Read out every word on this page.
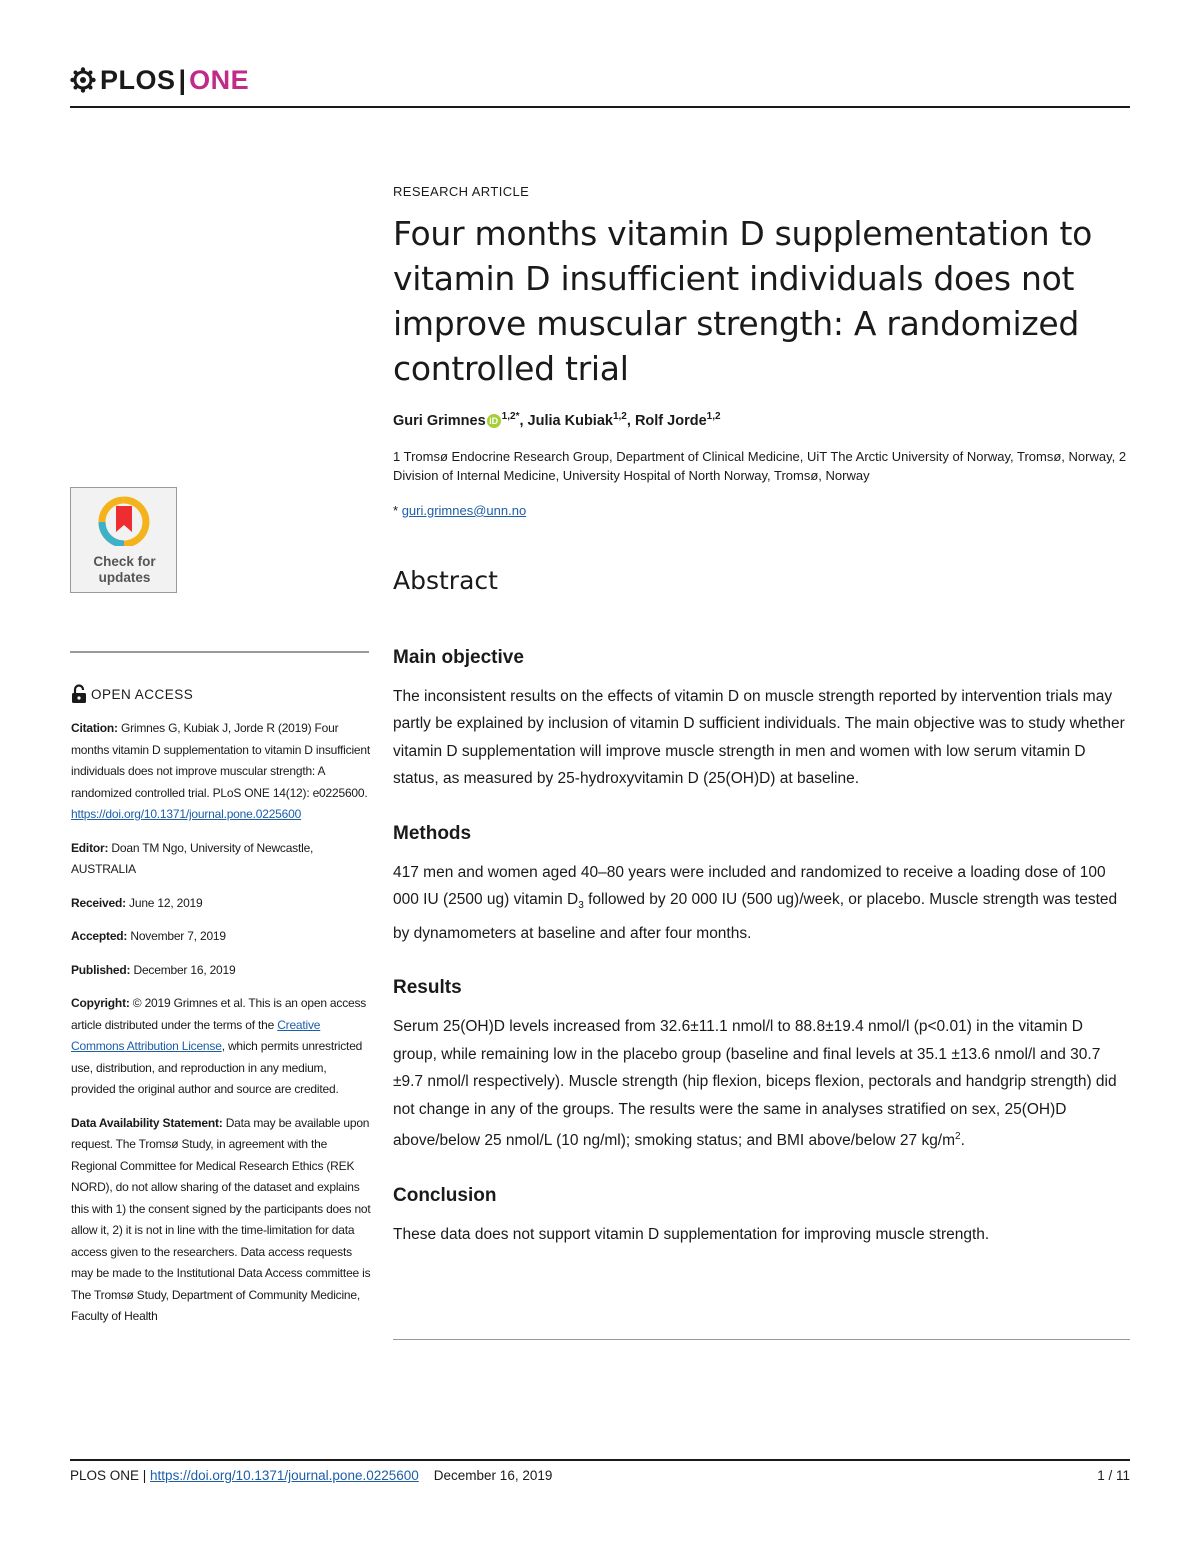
PLOS | ONE
Check for
updates
OPEN ACCESS

Citation: Grimnes G, Kubiak J, Jorde R (2019) Four months vitamin D supplementation to vitamin D insufficient individuals does not improve muscular strength: A randomized controlled trial. PLoS ONE 14(12): e0225600. https://doi.org/10.1371/journal.pone.0225600

Editor: Doan TM Ngo, University of Newcastle, AUSTRALIA

Received: June 12, 2019

Accepted: November 7, 2019

Published: December 16, 2019

Copyright: © 2019 Grimnes et al. This is an open access article distributed under the terms of the Creative Commons Attribution License, which permits unrestricted use, distribution, and reproduction in any medium, provided the original author and source are credited.

Data Availability Statement: Data may be available upon request. The Tromsø Study, in agreement with the Regional Committee for Medical Research Ethics (REK NORD), do not allow sharing of the dataset and explains this with 1) the consent signed by the participants does not allow it, 2) it is not in line with the time-limitation for data access given to the researchers. Data access requests may be made to the Institutional Data Access committee is The Tromsø Study, Department of Community Medicine, Faculty of Health

RESEARCH ARTICLE
Four months vitamin D supplementation to vitamin D insufficient individuals does not improve muscular strength: A randomized controlled trial
Guri Grimnes iD $^{1,2*}$, Julia Kubiak$^{1,2}$, Rolf Jorde$^{1,2}$
1 Tromsø Endocrine Research Group, Department of Clinical Medicine, UiT The Arctic University of Norway, Tromsø, Norway, 2 Division of Internal Medicine, University Hospital of North Norway, Tromsø, Norway
* guri.grimnes@unn.no
Abstract
Main objective

The inconsistent results on the effects of vitamin D on muscle strength reported by intervention trials may partly be explained by inclusion of vitamin D sufficient individuals. The main objective was to study whether vitamin D supplementation will improve muscle strength in men and women with low serum vitamin D status, as measured by 25-hydroxyvitamin D (25(OH)D) at baseline.

Methods

417 men and women aged 40–80 years were included and randomized to receive a loading dose of 100 000 IU (2500 ug) vitamin $D_3$ followed by 20 000 IU (500 ug)/week, or placebo. Muscle strength was tested by dynamometers at baseline and after four months.

Results

Serum 25(OH)D levels increased from 32.6±11.1 nmol/l to 88.8±19.4 nmol/l (p<0.01) in the vitamin D group, while remaining low in the placebo group (baseline and final levels at 35.1 ±13.6 nmol/l and 30.7 ±9.7 nmol/l respectively). Muscle strength (hip flexion, biceps flexion, pectorals and handgrip strength) did not change in any of the groups. The results were the same in analyses stratified on sex, 25(OH)D above/below 25 nmol/L (10 ng/ml); smoking status; and BMI above/below 27 $kg/m^2$.

Conclusion

These data does not support vitamin D supplementation for improving muscle strength.

PLOS ONE | https://doi.org/10.1371/journal.pone.0225600 December 16, 2019	1 / 11
